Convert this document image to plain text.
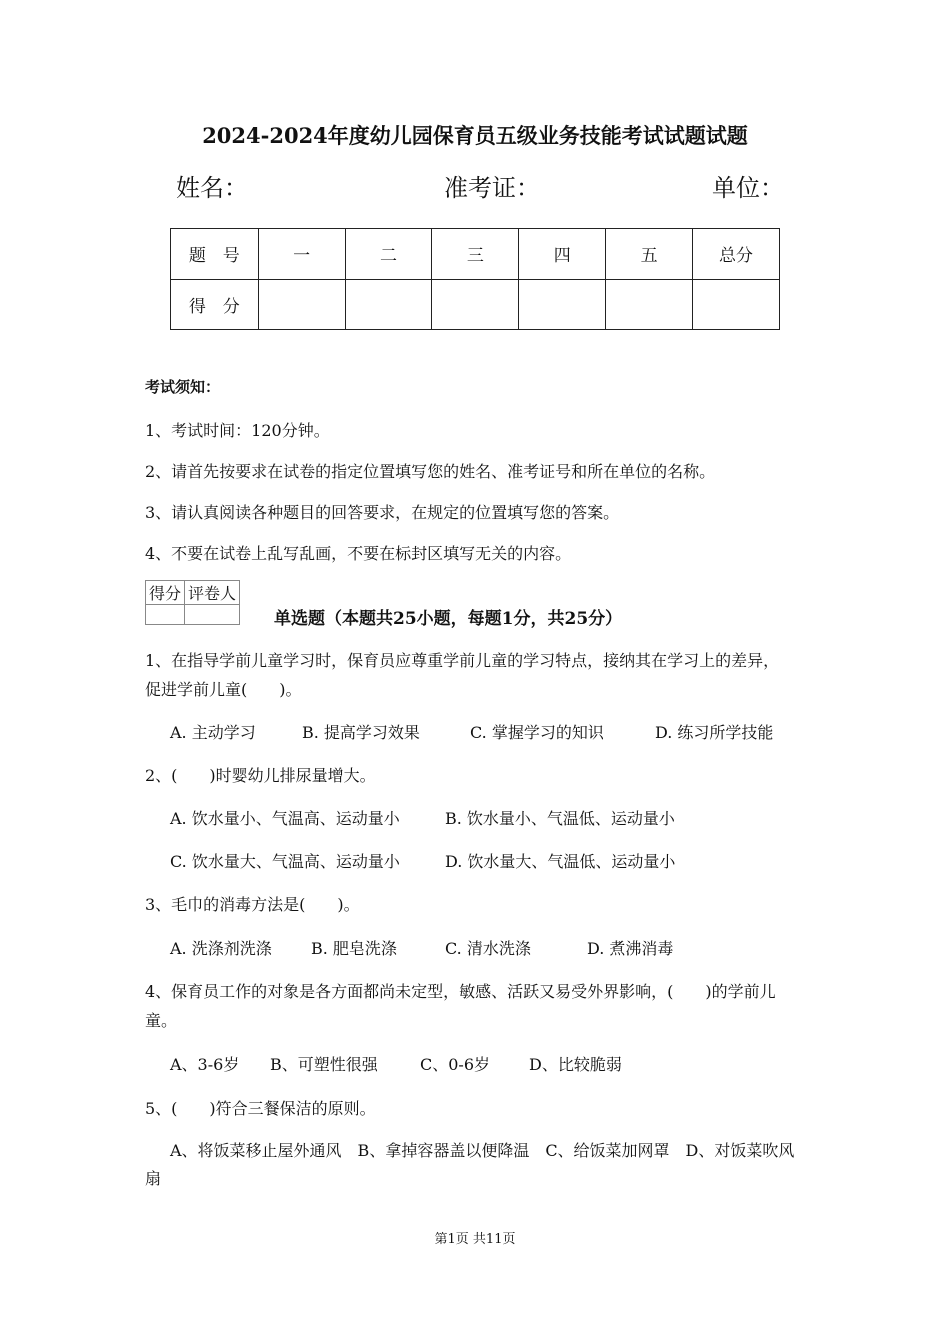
2024-2024年度幼儿园保育员五级业务技能考试试题试题
姓名：	准考证：	单位：
题　号	一	二	三	四	五	总分
得　分						
考试须知：
1、考试时间：120分钟。
2、请首先按要求在试卷的指定位置填写您的姓名、准考证号和所在单位的名称。
3、请认真阅读各种题目的回答要求，在规定的位置填写您的答案。
4、不要在试卷上乱写乱画，不要在标封区填写无关的内容。
得分	评卷人

单选题（本题共25小题，每题1分，共25分）
1、在指导学前儿童学习时，保育员应尊重学前儿童的学习特点，接纳其在学习上的差异，
促进学前儿童(　　)。
A. 主动学习	B. 提高学习效果	C. 掌握学习的知识	D. 练习所学技能
2、(　　)时婴幼儿排尿量增大。
A. 饮水量小、气温高、运动量小	B. 饮水量小、气温低、运动量小
C. 饮水量大、气温高、运动量小	D. 饮水量大、气温低、运动量小
3、毛巾的消毒方法是(　　)。
A. 洗涤剂洗涤 B. 肥皂洗涤	C. 清水洗涤	D. 煮沸消毒
4、保育员工作的对象是各方面都尚未定型，敏感、活跃又易受外界影响，(　　)的学前儿
童。
A、3-6岁 B、可塑性很强	C、0-6岁 D、比较脆弱
5、(　　)符合三餐保洁的原则。
A、将饭菜移止屋外通风　B、拿掉容器盖以便降温　C、给饭菜加网罩　D、对饭菜吹风
扇
第1页 共11页
